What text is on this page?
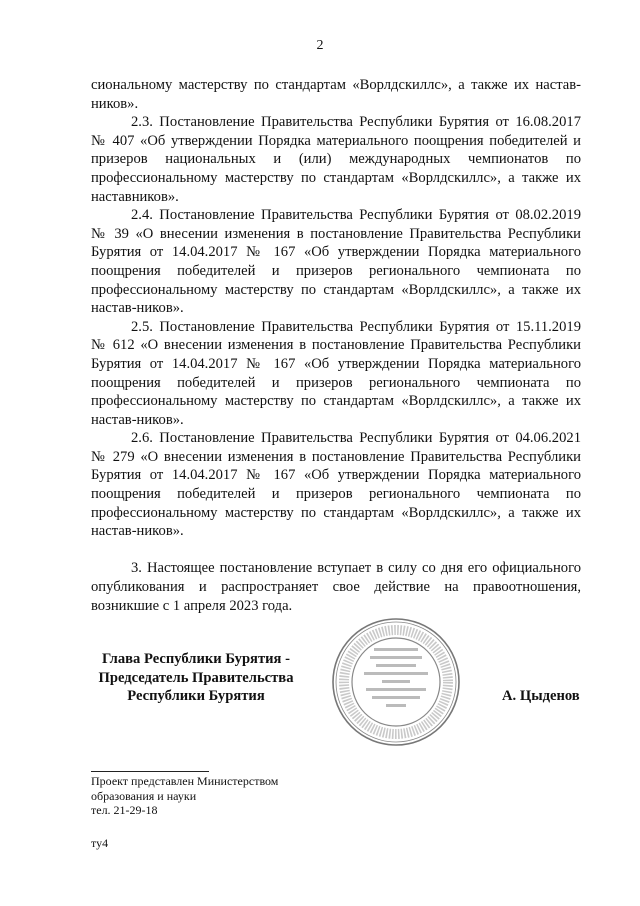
2

сиональному мастерству по стандартам «Ворлдскиллс», а также их настав-ников».

2.3. Постановление Правительства Республики Бурятия от 16.08.2017 № 407 «Об утверждении Порядка материального поощрения победителей и призеров национальных и (или) международных чемпионатов по профессиональному мастерству по стандартам «Ворлдскиллс», а также их наставников».

2.4. Постановление Правительства Республики Бурятия от 08.02.2019 № 39 «О внесении изменения в постановление Правительства Республики Бурятия от 14.04.2017 № 167 «Об утверждении Порядка материального поощрения победителей и призеров регионального чемпионата по профессиональному мастерству по стандартам «Ворлдскиллс», а также их настав-ников».

2.5. Постановление Правительства Республики Бурятия от 15.11.2019 № 612 «О внесении изменения в постановление Правительства Республики Бурятия от 14.04.2017 № 167 «Об утверждении Порядка материального поощрения победителей и призеров регионального чемпионата по профессиональному мастерству по стандартам «Ворлдскиллс», а также их настав-ников».

2.6. Постановление Правительства Республики Бурятия от 04.06.2021 № 279 «О внесении изменения в постановление Правительства Республики Бурятия от 14.04.2017 № 167 «Об утверждении Порядка материального поощрения победителей и призеров регионального чемпионата по профессиональному мастерству по стандартам «Ворлдскиллс», а также их настав-ников».

3. Настоящее постановление вступает в силу со дня его официального опубликования и распространяет свое действие на правоотношения, возникшие с 1 апреля 2023 года.

Глава Республики Бурятия -
Председатель Правительства
Республики Бурятия	А. Цыденов
Проект представлен Министерством
образования и науки
тел. 21-29-18
ту4
